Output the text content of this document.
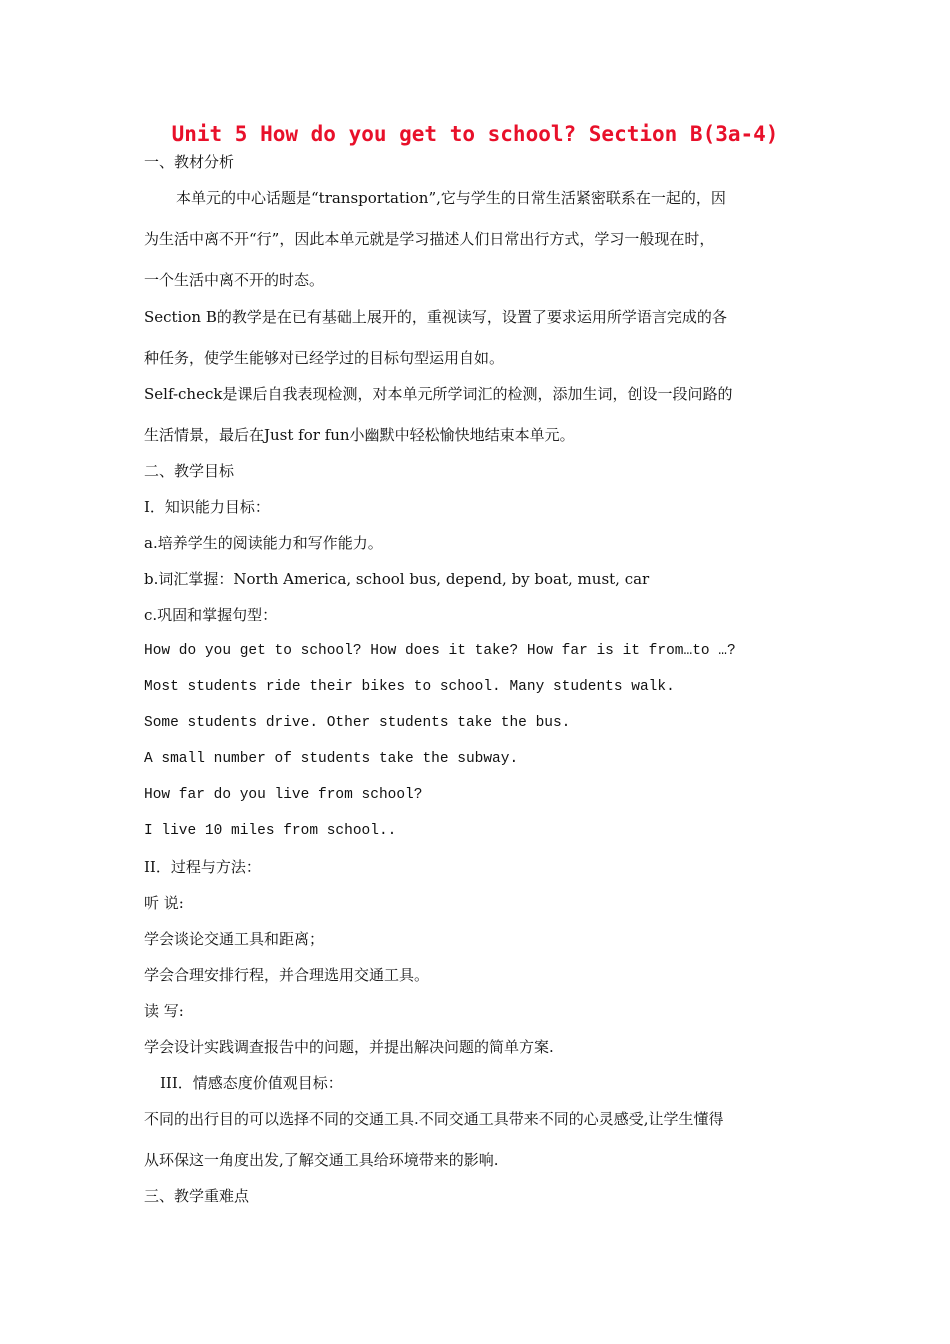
Unit 5 How do you get to school? Section B(3a-4)
一、教材分析
本单元的中心话题是“transportation”,它与学生的日常生活紧密联系在一起的，因
为生活中离不开“行”，因此本单元就是学习描述人们日常出行方式，学习一般现在时，
一个生活中离不开的时态。
Section B的教学是在已有基础上展开的，重视读写，设置了要求运用所学语言完成的各
种任务，使学生能够对已经学过的目标句型运用自如。
Self-check是课后自我表现检测，对本单元所学词汇的检测，添加生词，创设一段问路的
生活情景，最后在Just for fun小幽默中轻松愉快地结束本单元。
二、教学目标
I．知识能力目标：
a.培养学生的阅读能力和写作能力。
b.词汇掌握：North America, school bus, depend, by boat, must, car
c.巩固和掌握句型：
How do you get to school? How does it take? How far is it from…to …?
Most students ride their bikes to school. Many students walk.
Some students drive. Other students take the bus.
A small number of students take the subway.
How far do you live from school?
I live 10 miles from school..
II．过程与方法：
听 说:
学会谈论交通工具和距离；
学会合理安排行程，并合理选用交通工具。
读 写:
学会设计实践调查报告中的问题，并提出解决问题的简单方案.
III．情感态度价值观目标：
不同的出行目的可以选择不同的交通工具.不同交通工具带来不同的心灵感受,让学生懂得
从环保这一角度出发,了解交通工具给环境带来的影响.
三、教学重难点
